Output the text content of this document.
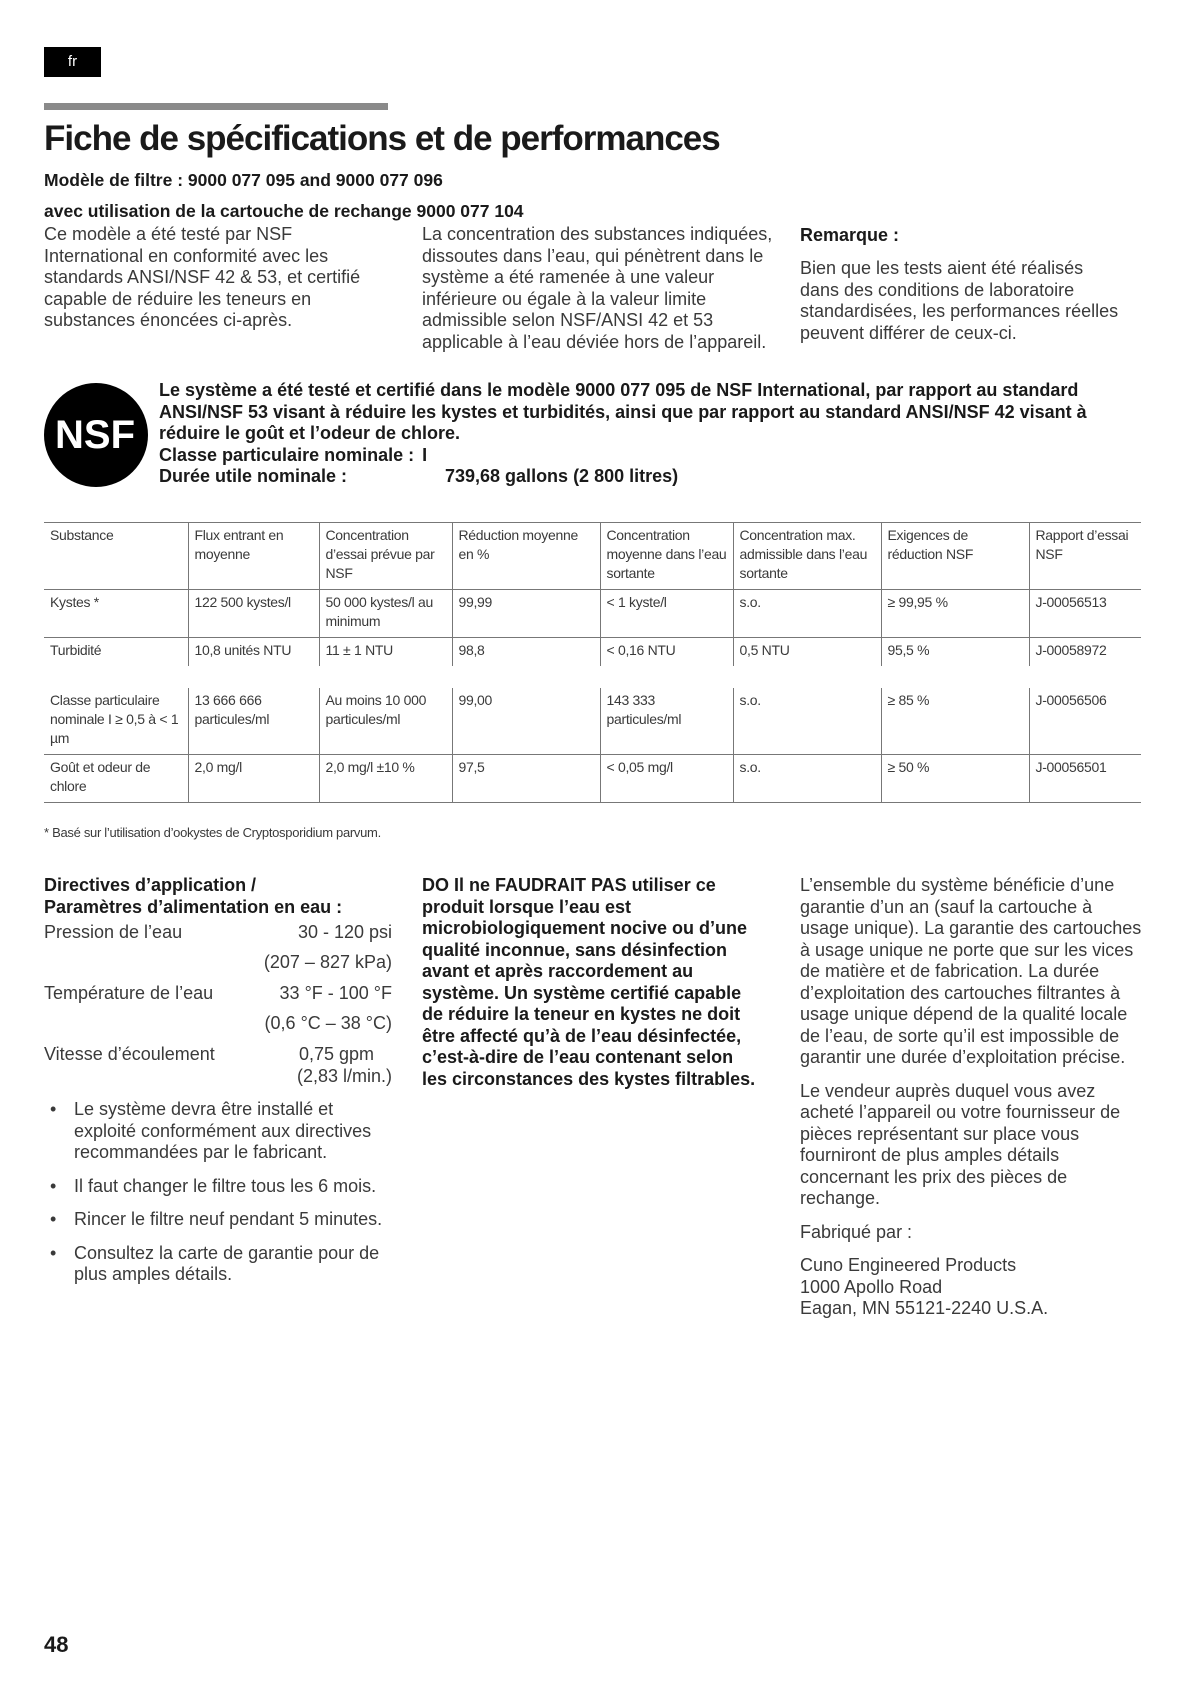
fr
Fiche de spécifications et de performances

Modèle de filtre : 9000 077 095 and 9000 077 096

avec utilisation de la cartouche de rechange 9000 077 104

Ce modèle a été testé par NSF International en conformité avec les standards ANSI/NSF 42 & 53, et certifié capable de réduire les teneurs en substances énoncées ci-après.

La concentration des substances indiquées, dissoutes dans l’eau, qui pénètrent dans le système a été ramenée à une valeur inférieure ou égale à la valeur limite admissible selon NSF/ANSI 42 et 53 applicable à l’eau déviée hors de l’appareil.

Remarque :

Bien que les tests aient été réalisés dans des conditions de laboratoire standardisées, les performances réelles peuvent différer de ceux-ci.

NSF

Le système a été testé et certifié dans le modèle 9000 077 095 de NSF International, par rapport au standard ANSI/NSF 53 visant à réduire les kystes et turbidités, ainsi que par rapport au standard ANSI/NSF 42 visant à réduire le goût et l’odeur de chlore.

Classe particulaire nominale : I
Durée utile nominale :	739,68 gallons (2 800 litres)
Substance	Flux entrant en moyenne	Concentration d’essai prévue par NSF	Réduction moyenne en %	Concentration moyenne dans l’eau sortante	Concentration max. admissible dans l’eau sortante	Exigences de réduction NSF	Rapport d’essai NSF
Kystes *	122 500 kystes/l	50 000 kystes/l au minimum	99,99	< 1 kyste/l	s.o.	≥ 99,95 %	J-00056513
Turbidité	10,8 unités NTU	11 ± 1 NTU	98,8	< 0,16 NTU	0,5 NTU	95,5 %	J-00058972
Classe particulaire nominale I ≥ 0,5 à < 1 µm	13 666 666 particules/ml	Au moins 10 000 particules/ml	99,00	143 333 particules/ml	s.o.	≥ 85 %	J-00056506
Goût et odeur de chlore	2,0 mg/l	2,0 mg/l ±10 %	97,5	< 0,05 mg/l	s.o.	≥ 50 %	J-00056501
* Basé sur l’utilisation d’ookystes de Cryptosporidium parvum.

Directives d’application /

Paramètres d’alimentation en eau :

Pression de l’eau	30 - 120 psi
(207 – 827 kPa)
Température de l’eau	33 °F - 100 °F
(0,6 °C – 38 °C)
Vitesse d’écoulement	0,75 gpm
(2,83 l/min.)
• Le système devra être installé et exploité conformément aux directives recommandées par le fabricant.
• Il faut changer le filtre tous les 6 mois.
• Rincer le filtre neuf pendant 5 minutes.
• Consultez la carte de garantie pour de plus amples détails.

DO Il ne FAUDRAIT PAS utiliser ce produit lorsque l’eau est microbiologiquement nocive ou d’une qualité inconnue, sans désinfection avant et après raccordement au système. Un système certifié capable de réduire la teneur en kystes ne doit être affecté qu’à de l’eau désinfectée, c’est-à-dire de l’eau contenant selon les circonstances des kystes filtrables.

L’ensemble du système bénéficie d’une garantie d’un an (sauf la cartouche à usage unique). La garantie des cartouches à usage unique ne porte que sur les vices de matière et de fabrication. La durée d’exploitation des cartouches filtrantes à usage unique dépend de la qualité locale de l’eau, de sorte qu’il est impossible de garantir une durée d’exploitation précise.

Le vendeur auprès duquel vous avez acheté l’appareil ou votre fournisseur de pièces représentant sur place vous fourniront de plus amples détails concernant les prix des pièces de rechange.

Fabriqué par :

Cuno Engineered Products

1000 Apollo Road

Eagan, MN 55121-2240 U.S.A.

48
